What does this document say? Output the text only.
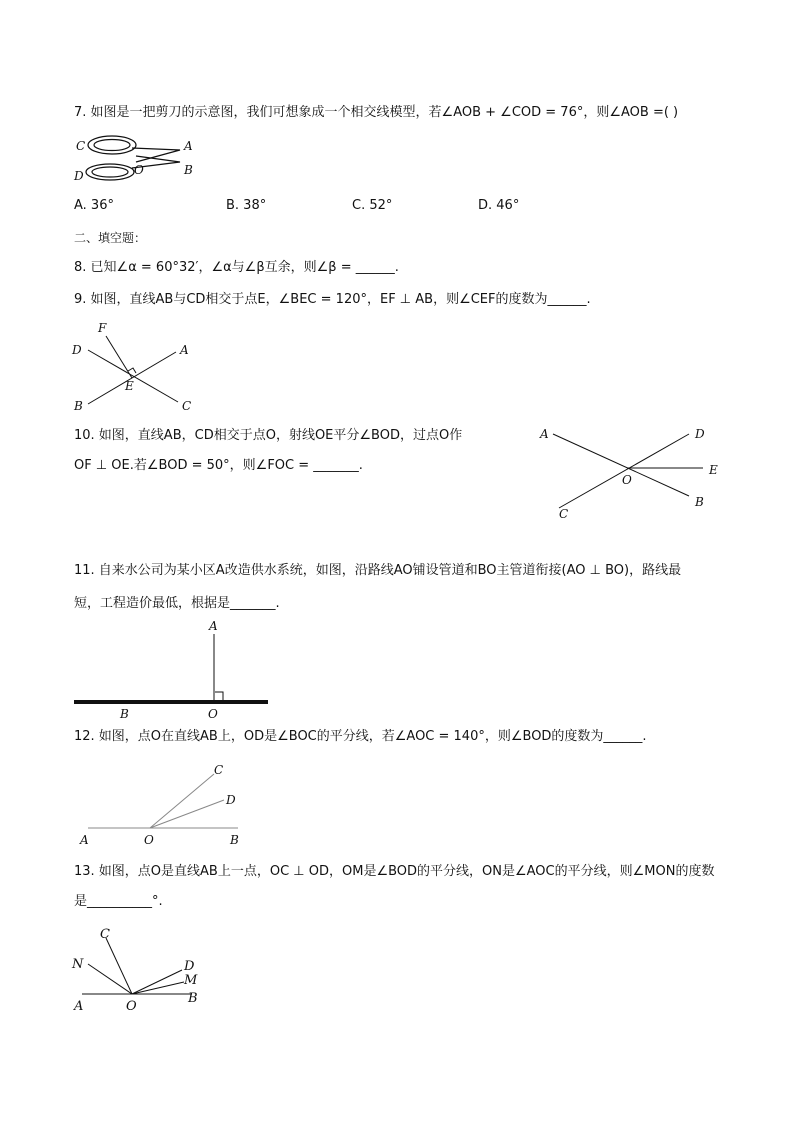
7. 如图是一把剪刀的示意图，我们可想象成一个相交线模型，若∠AOB + ∠COD = 76°，则∠AOB =( )
C	A
O
D	B
A. 36°	B. 38°	C. 52°	D. 46°
二、填空题：
8. 已知∠α = 60°32′，∠α与∠β互余，则∠β = ______.
9. 如图，直线AB与CD相交于点E，∠BEC = 120°，EF ⊥ AB，则∠CEF的度数为______.
F
D	A
E
B	C
10. 如图，直线AB，CD相交于点O，射线OE平分∠BOD，过点O作
OF ⊥ OE.若∠BOD = 50°，则∠FOC = _______.
A	D
E
O
C
B
11. 自来水公司为某小区A改造供水系统，如图，沿路线AO铺设管道和BO主管道衔接(AO ⊥ BO)，路线最
短，工程造价最低，根据是_______.
A
B	O
12. 如图，点O在直线AB上，OD是∠BOC的平分线，若∠AOC = 140°，则∠BOD的度数为______.
C
D
A	O	B
13. 如图，点O是直线AB上一点，OC ⊥ OD，OM是∠BOD的平分线，ON是∠AOC的平分线，则∠MON的度数
是__________°.
C
N	D
M
A	O
B
